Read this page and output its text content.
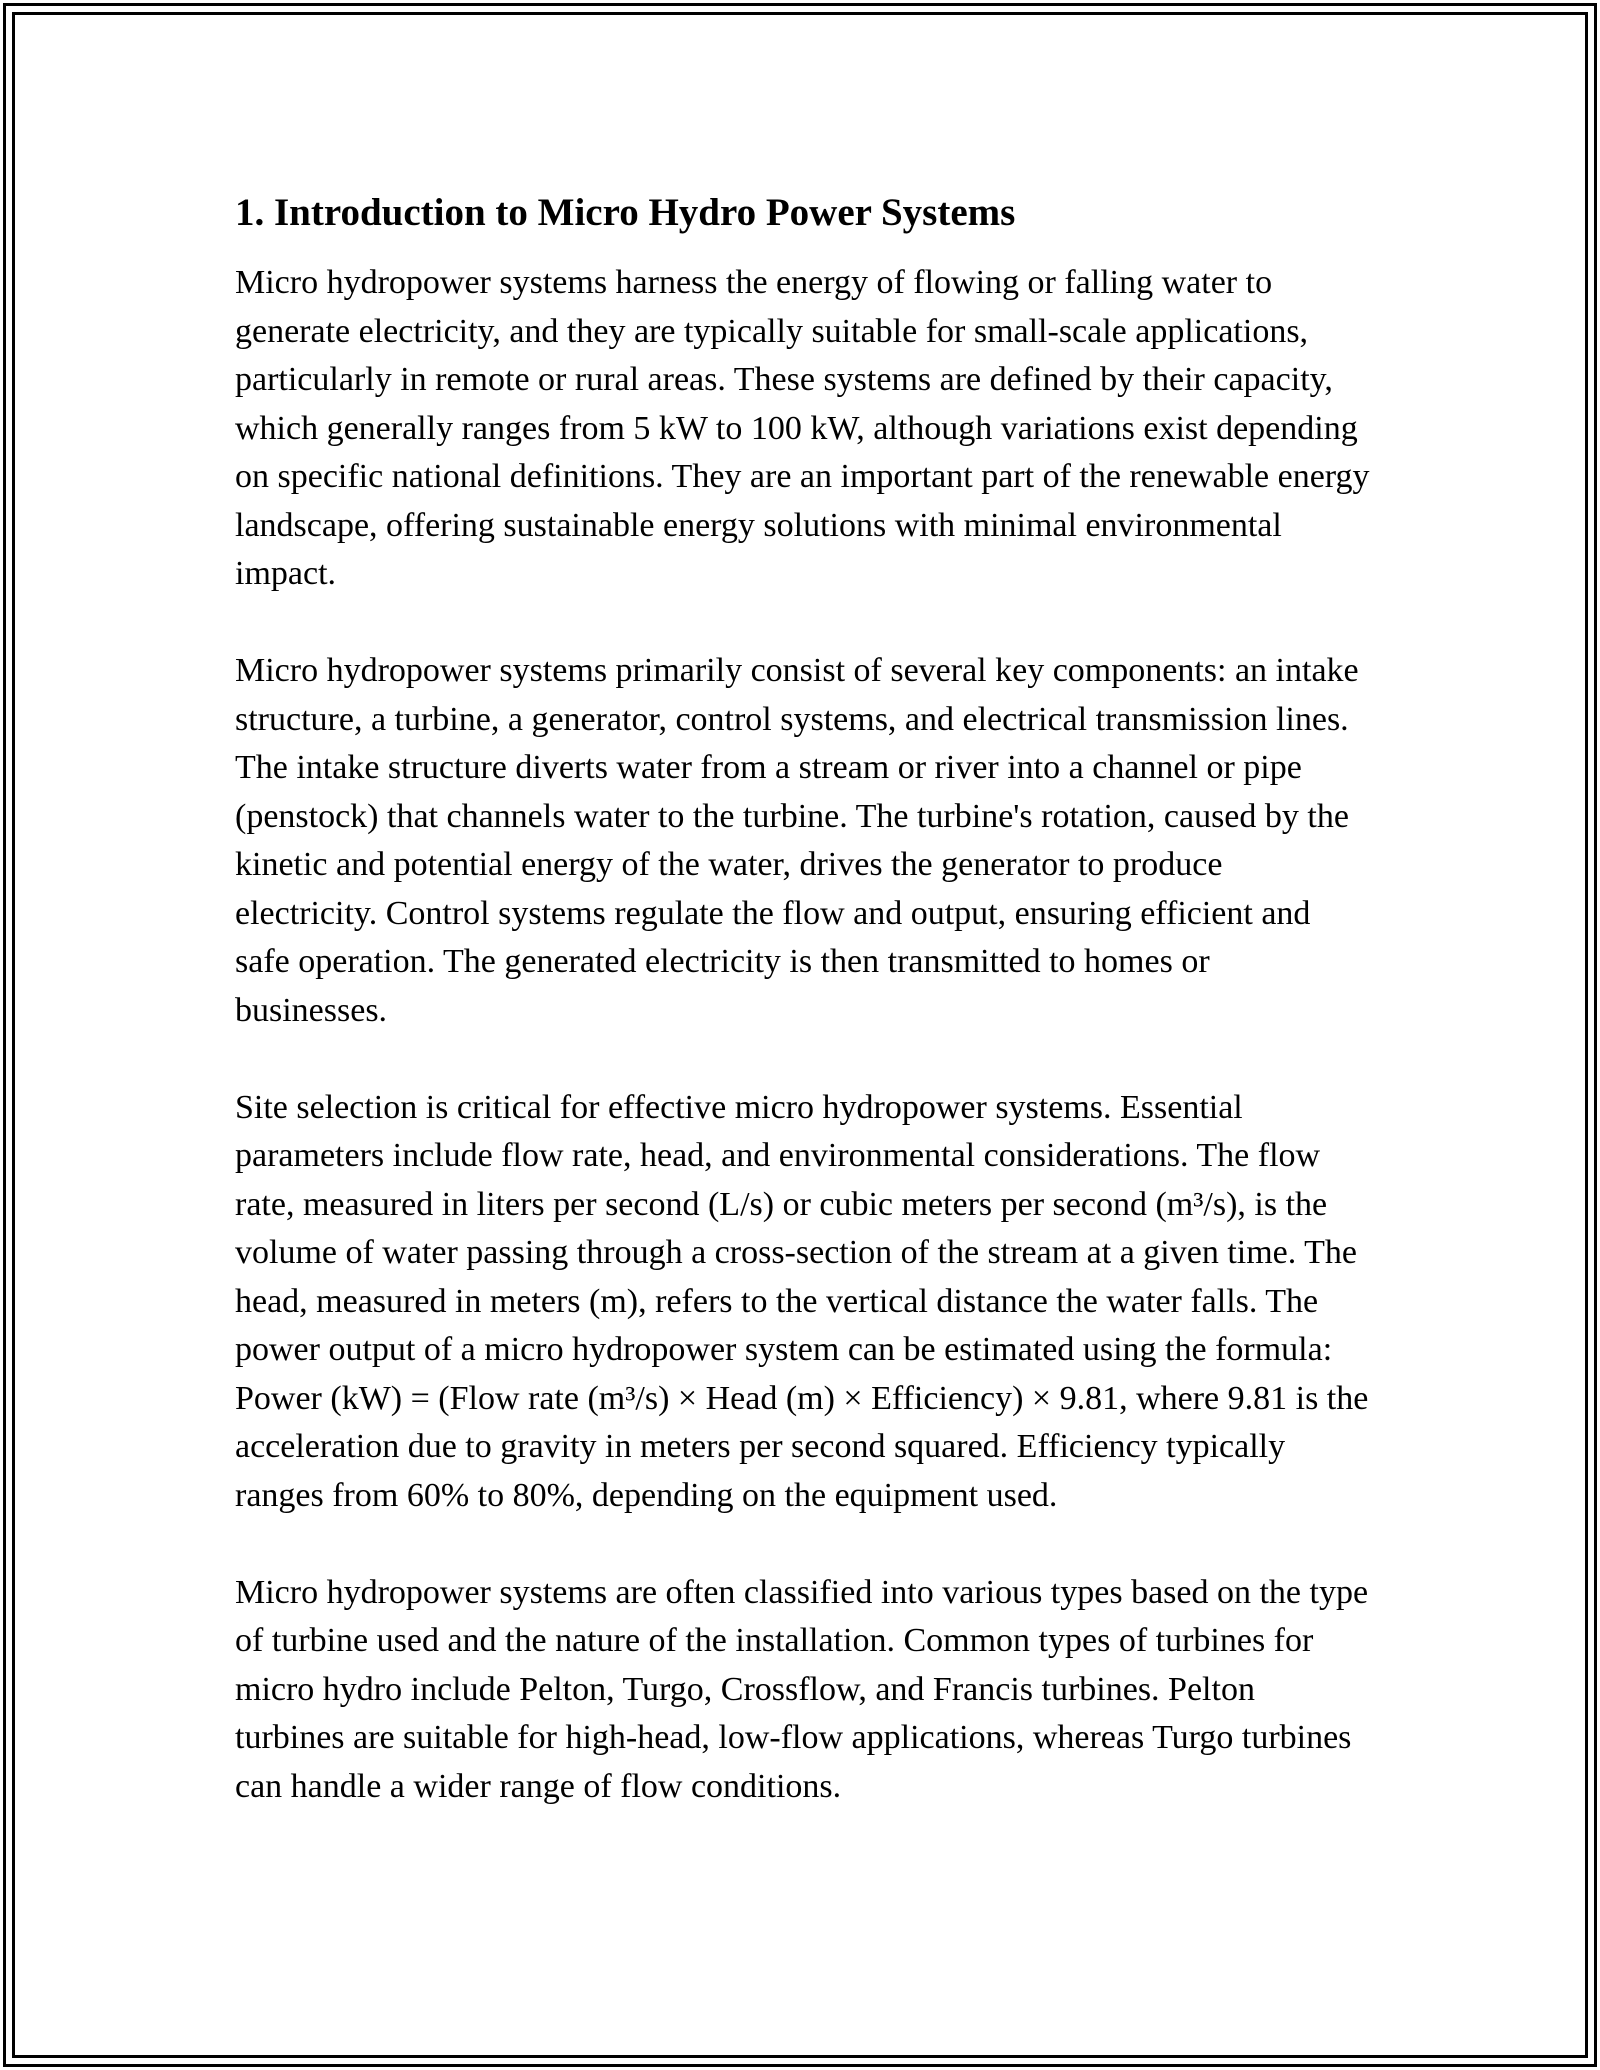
1. Introduction to Micro Hydro Power Systems

Micro hydropower systems harness the energy of flowing or falling water to generate electricity, and they are typically suitable for small-scale applications, particularly in remote or rural areas. These systems are defined by their capacity, which generally ranges from 5 kW to 100 kW, although variations exist depending on specific national definitions. They are an important part of the renewable energy landscape, offering sustainable energy solutions with minimal environmental impact.

Micro hydropower systems primarily consist of several key components: an intake structure, a turbine, a generator, control systems, and electrical transmission lines. The intake structure diverts water from a stream or river into a channel or pipe (penstock) that channels water to the turbine. The turbine's rotation, caused by the kinetic and potential energy of the water, drives the generator to produce electricity. Control systems regulate the flow and output, ensuring efficient and safe operation. The generated electricity is then transmitted to homes or businesses.

Site selection is critical for effective micro hydropower systems. Essential parameters include flow rate, head, and environmental considerations. The flow rate, measured in liters per second (L/s) or cubic meters per second (m³/s), is the volume of water passing through a cross-section of the stream at a given time. The head, measured in meters (m), refers to the vertical distance the water falls. The power output of a micro hydropower system can be estimated using the formula: Power (kW) = (Flow rate (m³/s) × Head (m) × Efficiency) × 9.81, where 9.81 is the acceleration due to gravity in meters per second squared. Efficiency typically ranges from 60% to 80%, depending on the equipment used.

Micro hydropower systems are often classified into various types based on the type of turbine used and the nature of the installation. Common types of turbines for micro hydro include Pelton, Turgo, Crossflow, and Francis turbines. Pelton turbines are suitable for high-head, low-flow applications, whereas Turgo turbines can handle a wider range of flow conditions.
